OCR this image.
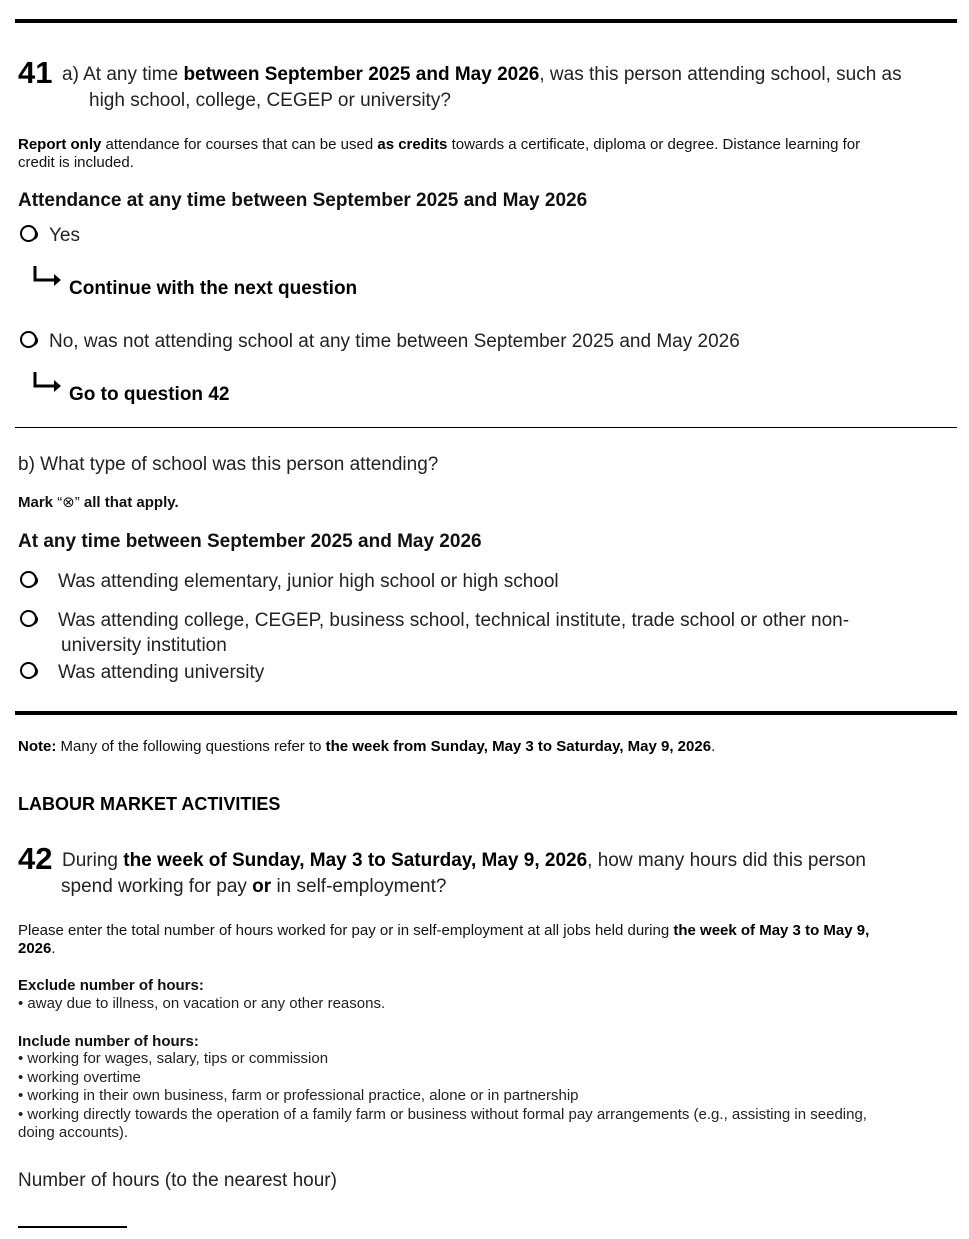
41 a) At any time between September 2025 and May 2026, was this person attending school, such as
high school, college, CEGEP or university?
Report only attendance for courses that can be used as credits towards a certificate, diploma or degree. Distance learning for
credit is included.
Attendance at any time between September 2025 and May 2026
Yes
Continue with the next question
No, was not attending school at any time between September 2025 and May 2026
Go to question 42
b) What type of school was this person attending?
Mark “⊗” all that apply.
At any time between September 2025 and May 2026
Was attending elementary, junior high school or high school
Was attending college, CEGEP, business school, technical institute, trade school or other non-
university institution
Was attending university
Note: Many of the following questions refer to the week from Sunday, May 3 to Saturday, May 9, 2026.
LABOUR MARKET ACTIVITIES
42 During the week of Sunday, May 3 to Saturday, May 9, 2026, how many hours did this person
spend working for pay or in self-employment?
Please enter the total number of hours worked for pay or in self-employment at all jobs held during the week of May 3 to May 9,
2026.
Exclude number of hours:
• away due to illness, on vacation or any other reasons.
Include number of hours:
• working for wages, salary, tips or commission
• working overtime
• working in their own business, farm or professional practice, alone or in partnership
• working directly towards the operation of a family farm or business without formal pay arrangements (e.g., assisting in seeding,
doing accounts).
Number of hours (to the nearest hour)
